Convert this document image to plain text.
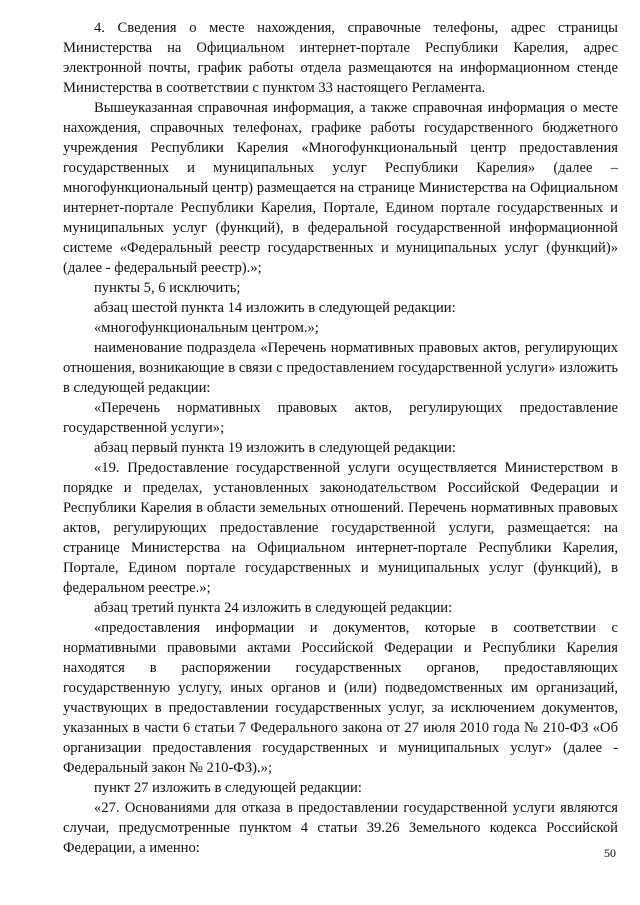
4. Сведения о месте нахождения, справочные телефоны, адрес страницы Министерства на Официальном интернет-портале Республики Карелия, адрес электронной почты, график работы отдела размещаются на информационном стенде Министерства в соответствии с пунктом 33 настоящего Регламента.

Вышеуказанная справочная информация, а также справочная информация о месте нахождения, справочных телефонах, графике работы государственного бюджетного учреждения Республики Карелия «Многофункциональный центр предоставления государственных и муниципальных услуг Республики Карелия» (далее – многофункциональный центр) размещается на странице Министерства на Официальном интернет-портале Республики Карелия, Портале, Едином портале государственных и муниципальных услуг (функций), в федеральной государственной информационной системе «Федеральный реестр государственных и муниципальных услуг (функций)» (далее - федеральный реестр).»;

пункты 5, 6 исключить;

абзац шестой пункта 14 изложить в следующей редакции:

«многофункциональным центром.»;

наименование подраздела «Перечень нормативных правовых актов, регулирующих отношения, возникающие в связи с предоставлением государственной услуги» изложить в следующей редакции:

«Перечень нормативных правовых актов, регулирующих предоставление государственной услуги»;

абзац первый пункта 19 изложить в следующей редакции:

«19. Предоставление государственной услуги осуществляется Министерством в порядке и пределах, установленных законодательством Российской Федерации и Республики Карелия в области земельных отношений. Перечень нормативных правовых актов, регулирующих предоставление государственной услуги, размещается: на странице Министерства на Официальном интернет-портале Республики Карелия, Портале, Едином портале государственных и муниципальных услуг (функций), в федеральном реестре.»;

абзац третий пункта 24 изложить в следующей редакции:

«предоставления информации и документов, которые в соответствии с нормативными правовыми актами Российской Федерации и Республики Карелия находятся в распоряжении государственных органов, предоставляющих государственную услугу, иных органов и (или) подведомственных им организаций, участвующих в предоставлении государственных услуг, за исключением документов, указанных в части 6 статьи 7 Федерального закона от 27 июля 2010 года № 210-ФЗ «Об организации предоставления государственных и муниципальных услуг» (далее - Федеральный закон № 210-ФЗ).»;

пункт 27 изложить в следующей редакции:

«27. Основаниями для отказа в предоставлении государственной услуги являются случаи, предусмотренные пунктом 4 статьи 39.26 Земельного кодекса Российской Федерации, а именно:	50
